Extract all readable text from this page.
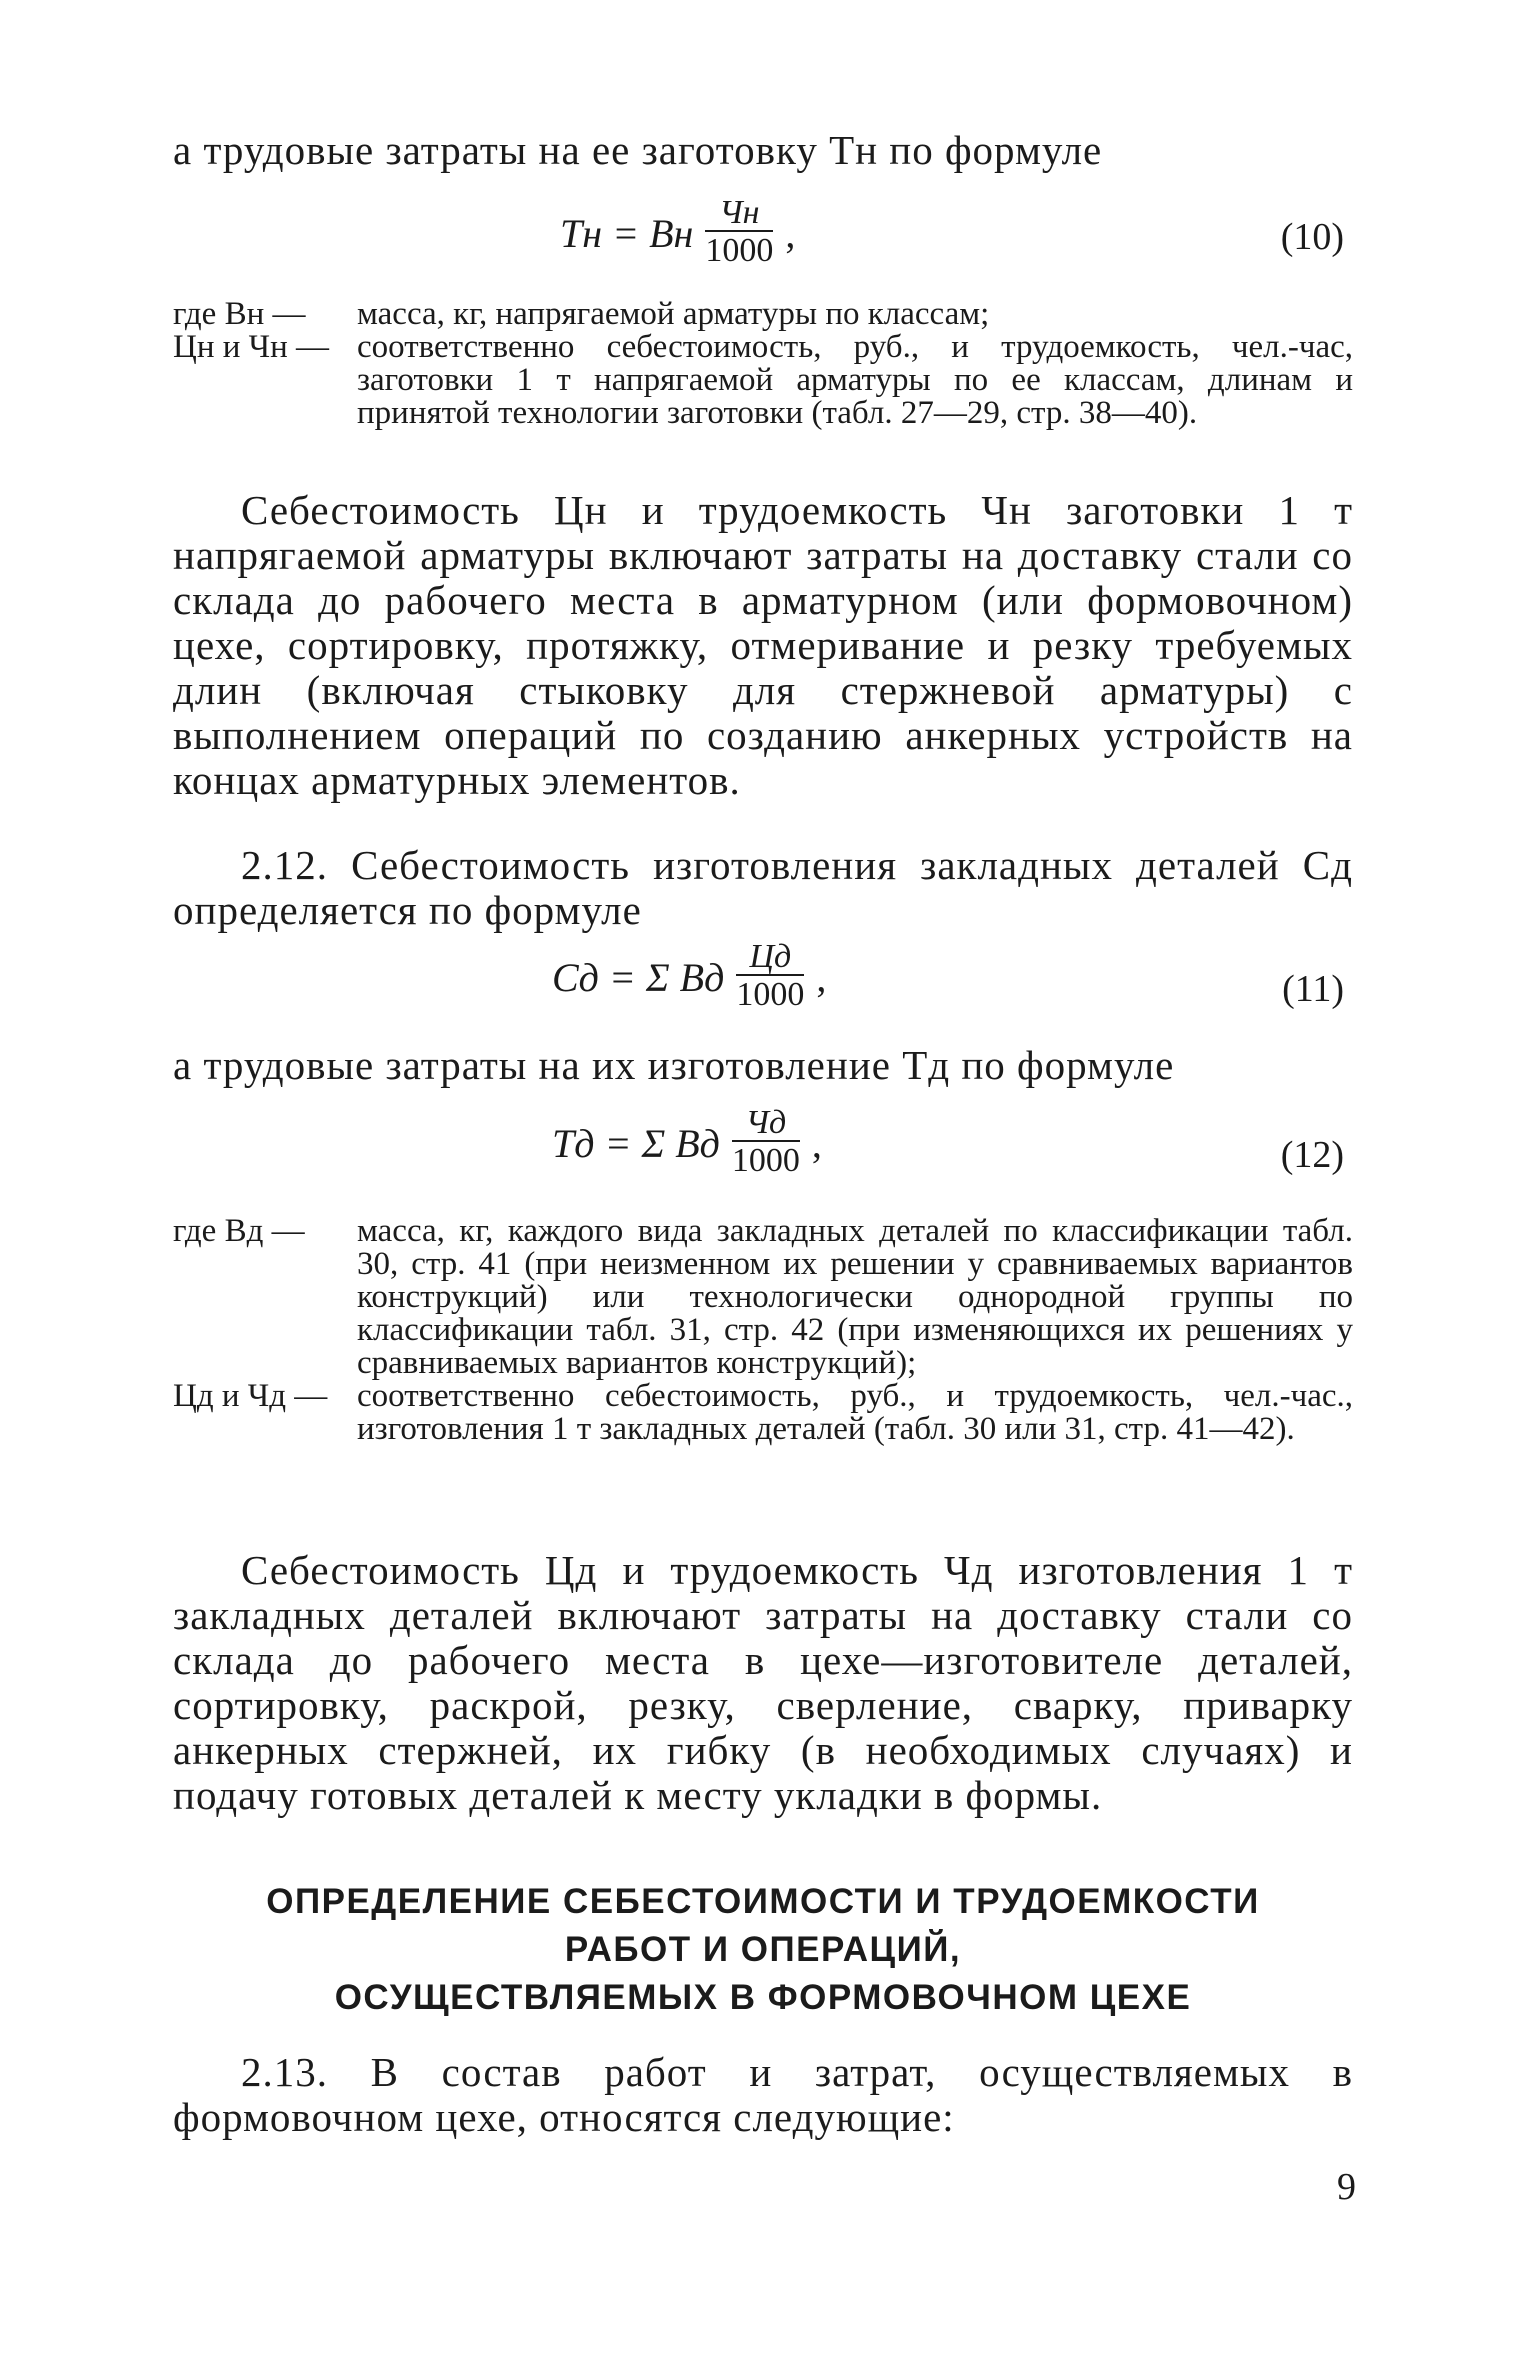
а трудовые затраты на ее заготовку Tн по формуле
Tн = Bн $\frac{Чн}{1000}$ ,	(10)
где Bн —	масса, кг, напрягаемой арматуры по классам;
Цн и Чн — соответственно себестоимость, руб., и трудоемкость, чел.-час, заготовки 1 т напрягаемой арматуры по ее классам, длинам и принятой технологии заготовки (табл. 27—29, стр. 38—40).
Себестоимость Цн и трудоемкость Чн заготовки 1 т напрягаемой арматуры включают затраты на доставку стали со склада до рабочего места в арматурном (или формовочном) цехе, сортировку, протяжку, отмеривание и резку требуемых длин (включая стыковку для стержневой арматуры) с выполнением операций по созданию анкерных устройств на концах арматурных элементов.
2.12. Себестоимость изготовления закладных деталей Cд определяется по формуле
Cд = Σ Bд $\frac{Цд}{1000}$ ,	(11)
а трудовые затраты на их изготовление Tд по формуле
Tд = Σ Bд $\frac{Чд}{1000}$ ,	(12)
где Bд —	масса, кг, каждого вида закладных деталей по классификации табл. 30, стр. 41 (при неизменном их решении у сравниваемых вариантов конструкций) или технологически однородной группы по классификации табл. 31, стр. 42 (при изменяющихся их решениях у сравниваемых вариантов конструкций);
Цд и Чд — соответственно себестоимость, руб., и трудоемкость, чел.-час., изготовления 1 т закладных деталей (табл. 30 или 31, стр. 41—42).
Себестоимость Цд и трудоемкость Чд изготовления 1 т закладных деталей включают затраты на доставку стали со склада до рабочего места в цехе—изготовителе деталей, сортировку, раскрой, резку, сверление, сварку, приварку анкерных стержней, их гибку (в необходимых случаях) и подачу готовых деталей к месту укладки в формы.
ОПРЕДЕЛЕНИЕ СЕБЕСТОИМОСТИ И ТРУДОЕМКОСТИ
РАБОТ И ОПЕРАЦИЙ,
ОСУЩЕСТВЛЯЕМЫХ В ФОРМОВОЧНОМ ЦЕХЕ
2.13. В состав работ и затрат, осуществляемых в формовочном цехе, относятся следующие:
9
